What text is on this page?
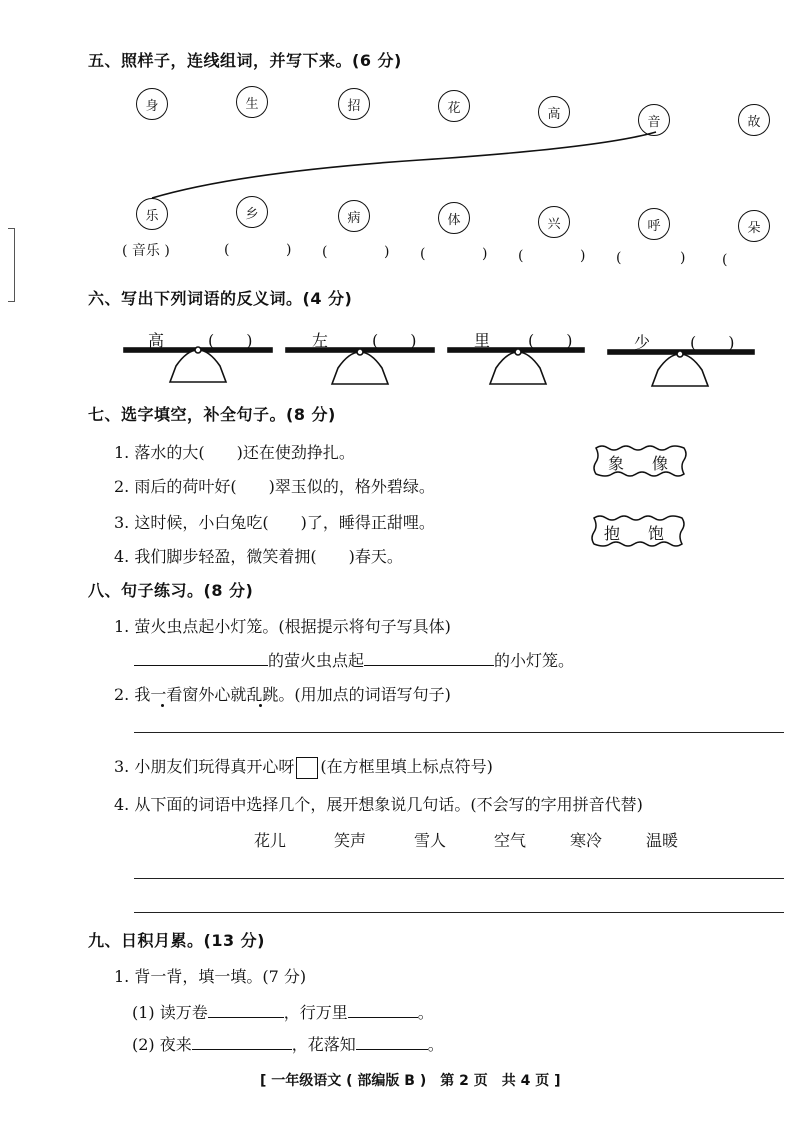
五、照样子，连线组词，并写下来。(6 分)
身	生	招	花	高
音	故
乐	乡	病	体	兴	呼	朵
( 音乐 )	(	) (	) (	) (	) (	)	(
六、写出下列词语的反义词。(4 分)
高	(　　)	左	(　　)	里 (　　)	少 (　　)
七、选字填空，补全句子。(8 分)
1. 落水的大(　　)还在使劲挣扎。
2. 雨后的荷叶好(　　)翠玉似的，格外碧绿。
3. 这时候，小白兔吃(　　)了，睡得正甜哩。
4. 我们脚步轻盈，微笑着拥(　　)春天。
象 像
抱 饱
八、句子练习。(8 分)
1. 萤火虫点起小灯笼。(根据提示将句子写具体)
的萤火虫点起	的小灯笼。
2. 我一看窗外心就乱跳。(用加点的词语写句子)
3. 小朋友们玩得真开心呀 (在方框里填上标点符号)
4. 从下面的词语中选择几个，展开想象说几句话。(不会写的字用拼音代替)
花儿	笑声	雪人	空气	寒冷	温暖
九、日积月累。(13 分)
1. 背一背，填一填。(7 分)
(1) 读万卷	，行万里	。
(2) 夜来	，花落知	。
[ 一年级语文 ( 部编版 B )　第 2 页　共 4 页 ]
